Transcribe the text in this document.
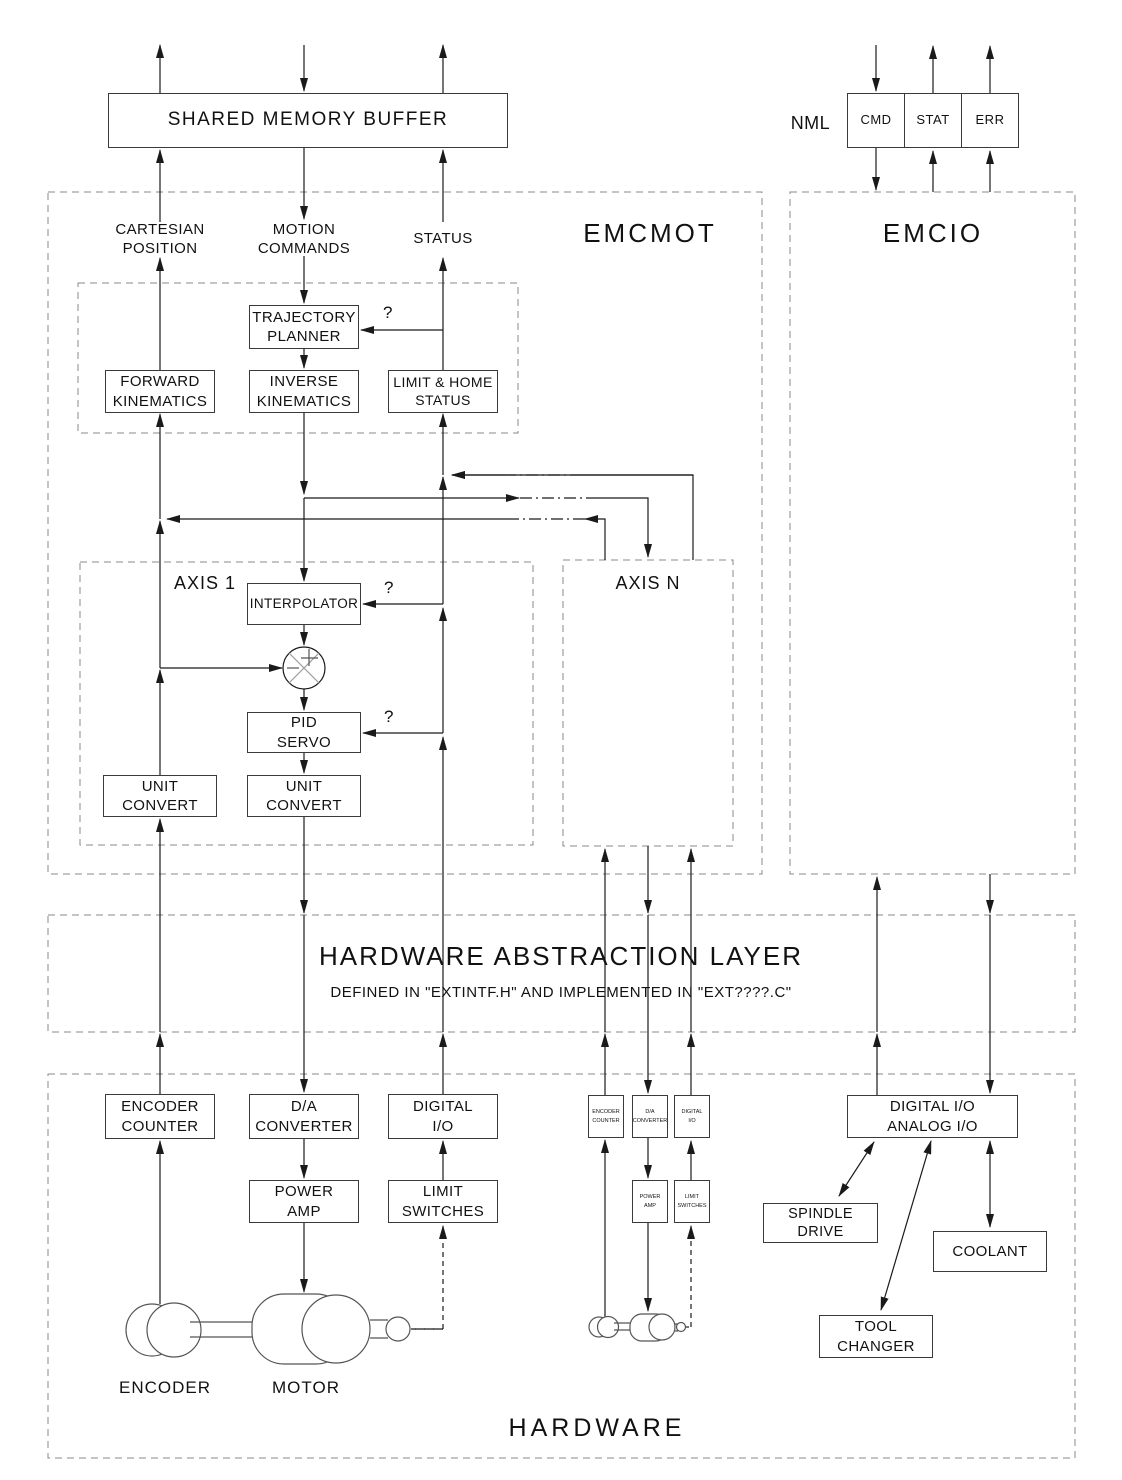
SHARED MEMORY BUFFER	NML CMD STAT ERR
EMCMOT	EMCIO
HARDWARE ABSTRACTION LAYER
DEFINED IN "EXTINTF.H" AND IMPLEMENTED IN "EXT????.C"
HARDWARE
CARTESIAN
POSITION
MOTION
COMMANDS
STATUS
?
?
?
AXIS 1	AXIS N
TRAJECTORY
PLANNER
FORWARD
KINEMATICS
INVERSE
KINEMATICS
LIMIT & HOME
STATUS
INTERPOLATOR
PID
SERVO
UNIT
CONVERT
UNIT
CONVERT
ENCODER
COUNTER
D/A
CONVERTER
DIGITAL
I/O
POWER
AMP
LIMIT
SWITCHES
ENCODER
COUNTER
D/A
CONVERTER
DIGITAL
I/O
POWER
AMP
LIMIT
SWITCHES
DIGITAL I/O
ANALOG I/O
SPINDLE DRIVE
COOLANT
TOOL
CHANGER
ENCODER	MOTOR
